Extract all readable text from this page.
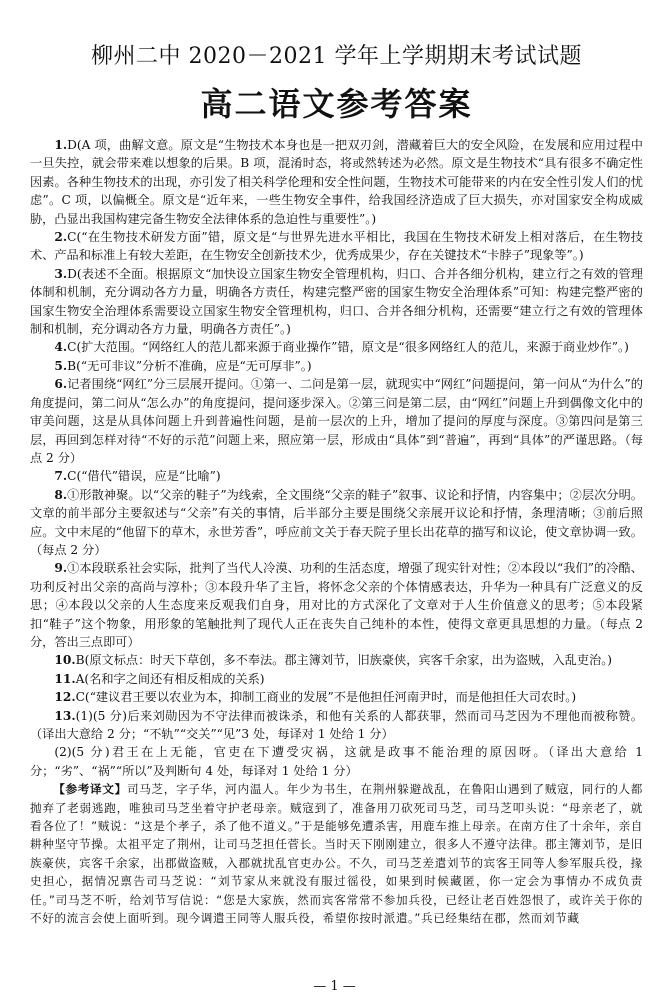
柳州二中 2020－2021 学年上学期期末考试试题
高二语文参考答案

1.D(A 项，曲解文意。原文是“生物技术本身也是一把双刃剑，潜藏着巨大的安全风险，在发展和应用过程中一旦失控，就会带来难以想象的后果。B 项，混淆时态，将或然转述为必然。原文是生物技术“具有很多不确定性因素。各种生物技术的出现，亦引发了相关科学伦理和安全性问题，生物技术可能带来的内在安全性引发人们的忧虑”。C 项，以偏概全。原文是“近年来，一些生物安全事件，给我国经济造成了巨大损失，亦对国家安全构成威胁，凸显出我国构建完备生物安全法律体系的急迫性与重要性”。)

2.C(“在生物技术研发方面”错，原文是“与世界先进水平相比，我国在生物技术研发上相对落后，在生物技术、产品和标准上有较大差距，在生物安全创新技术少，优秀成果少，存在关键技术“卡脖子”现象等”。)

3.D(表述不全面。根据原文“加快设立国家生物安全管理机构，归口、合并各细分机构，建立行之有效的管理体制和机制，充分调动各方力量，明确各方责任，构建完整严密的国家生物安全治理体系”可知：构建完整严密的国家生物安全治理体系需要设立国家生物安全管理机构，归口、合并各细分机构，还需要“建立行之有效的管理体制和机制，充分调动各方力量，明确各方责任”。)

4.C(扩大范围。“网络红人的范儿都来源于商业操作”错，原文是“很多网络红人的范儿，来源于商业炒作”。)

5.B(“无可非议”分析不准确，应是“无可厚非”。)

6.记者围绕“网红”分三层展开提问。①第一、二问是第一层，就现实中“网红”问题提问，第一问从“为什么”的角度提问，第二问从“怎么办”的角度提问，提问逐步深入。②第三问是第二层，由“网红”问题上升到偶像文化中的审美问题，这是从具体问题上升到普遍性问题，是前一层次的上升，增加了提问的厚度与深度。③第四问是第三层，再回到怎样对待“不好的示范”问题上来，照应第一层，形成由“具体”到“普遍”，再到“具体”的严谨思路。（每点 2 分）

7.C(“借代”错误，应是“比喻”)

8.①形散神聚。以“父亲的鞋子”为线索，全文围绕“父亲的鞋子”叙事、议论和抒情，内容集中；②层次分明。文章的前半部分主要叙述与“父亲”有关的事情，后半部分主要是围绕父亲展开议论和抒情，条理清晰；③前后照应。文中末尾的“他留下的草木，永世芳香”，呼应前文关于春天院子里长出花草的描写和议论，使文章协调一致。（每点 2 分）

9.①本段联系社会实际，批判了当代人冷漠、功利的生活态度，增强了现实针对性；②本段以“我们”的冷酷、功利反衬出父亲的高尚与淳朴；③本段升华了主旨，将怀念父亲的个体情感表达，升华为一种具有广泛意义的反思；④本段以父亲的人生态度来反观我们自身，用对比的方式深化了文章对于人生价值意义的思考；⑤本段紧扣“鞋子”这个物象，用形象的笔触批判了现代人正在丧失自己纯朴的本性，使得文章更具思想的力量。（每点 2 分，答出三点即可）

10.B(原文标点：时天下草创，多不奉法。郡主簿刘节，旧族豪侠，宾客千余家，出为盗贼，入乱吏治。)

11.A(名和字之间还有相反相成的关系)

12.C(“建议君王要以农业为本，抑制工商业的发展”不是他担任河南尹时，而是他担任大司农时。)

13.(1)(5 分)后来刘勋因为不守法律而被诛杀，和他有关系的人都获罪，然而司马芝因为不理他而被称赞。（译出大意给 2 分；“不轨”“交关”“见”3 处，每译对 1 处给 1 分）

(2)(5 分)君王在上无能，官吏在下遭受灾祸，这就是政事不能治理的原因呀。（译出大意给 1 分；“劣”、“祸”“所以”及判断句 4 处，每译对 1 处给 1 分）

【参考译文】司马芝，字子华，河内温人。年少为书生，在荆州躲避战乱，在鲁阳山遇到了贼寇，同行的人都抛弃了老弱逃跑，唯独司马芝坐着守护老母亲。贼寇到了，准备用刀砍死司马芝，司马芝叩头说：“母亲老了，就看各位了！”贼说：“这是个孝子，杀了他不道义。”于是能够免遭杀害，用鹿车推上母亲。在南方住了十余年，亲自耕种坚守节操。太祖平定了荆州，让司马芝担任菅长。当时天下刚刚建立，很多人不遵守法律。郡主簿刘节，是旧族豪侠，宾客千余家，出郡做盗贼，入郡就扰乱官吏办公。不久，司马芝差遣刘节的宾客王同等人参军服兵役，掾史担心，据情况禀告司马芝说：“刘节家从来就没有服过徭役，如果到时候藏匿，你一定会为事情办不成负责任。”司马芝不听，给刘节写信说：“您是大家族，然而宾客常常不参加兵役，已经让老百姓怨恨了，或许关于你的不好的流言会使上面听到。现今调遣王同等人服兵役，希望你按时派遣。”兵已经集结在郡，然而刘节藏

— 1 —
